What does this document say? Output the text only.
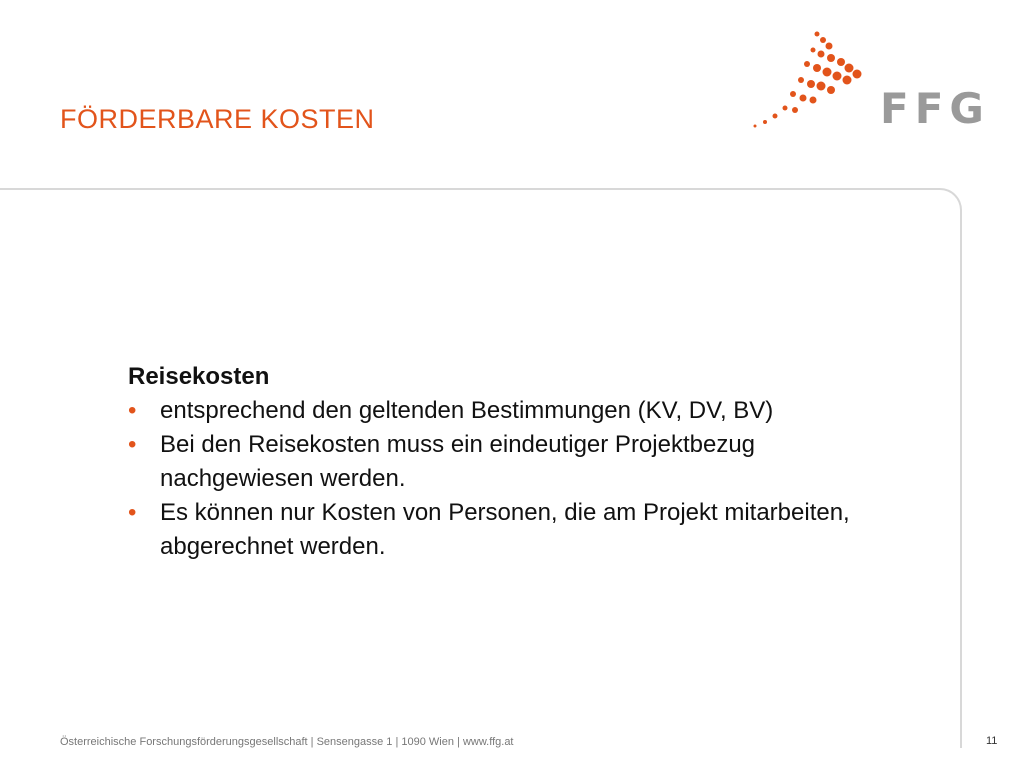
FÖRDERBARE KOSTEN	FFG

Reisekosten

• entsprechend den geltenden Bestimmungen (KV, DV, BV)
• Bei den Reisekosten muss ein eindeutiger Projektbezug nachgewiesen werden.
• Es können nur Kosten von Personen, die am Projekt mitarbeiten, abgerechnet werden.
Österreichische Forschungsförderungsgesellschaft | Sensengasse 1 | 1090 Wien | www.ffg.at	11
